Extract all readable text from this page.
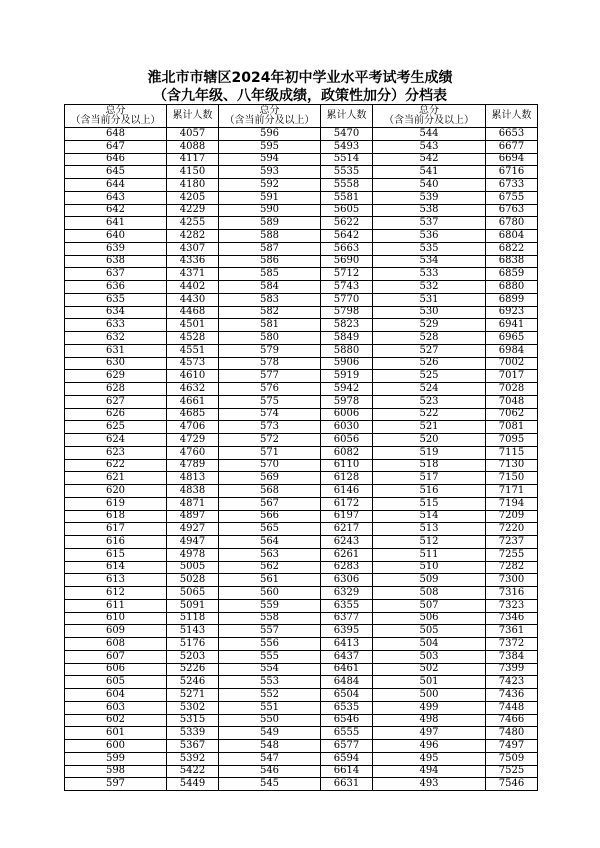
淮北市市辖区2024年初中学业水平考试考生成绩
（含九年级、八年级成绩，政策性加分）分档表
总分
（含当前分及以上）	累计人数	总分
（含当前分及以上）	累计人数	总分
（含当前分及以上）	累计人数
648	4057	596	5470	544	6653
647	4088	595	5493	543	6677
646	4117	594	5514	542	6694
645	4150	593	5535	541	6716
644	4180	592	5558	540	6733
643	4205	591	5581	539	6755
642	4229	590	5605	538	6763
641	4255	589	5622	537	6780
640	4282	588	5642	536	6804
639	4307	587	5663	535	6822
638	4336	586	5690	534	6838
637	4371	585	5712	533	6859
636	4402	584	5743	532	6880
635	4430	583	5770	531	6899
634	4468	582	5798	530	6923
633	4501	581	5823	529	6941
632	4528	580	5849	528	6965
631	4551	579	5880	527	6984
630	4573	578	5906	526	7002
629	4610	577	5919	525	7017
628	4632	576	5942	524	7028
627	4661	575	5978	523	7048
626	4685	574	6006	522	7062
625	4706	573	6030	521	7081
624	4729	572	6056	520	7095
623	4760	571	6082	519	7115
622	4789	570	6110	518	7130
621	4813	569	6128	517	7150
620	4838	568	6146	516	7171
619	4871	567	6172	515	7194
618	4897	566	6197	514	7209
617	4927	565	6217	513	7220
616	4947	564	6243	512	7237
615	4978	563	6261	511	7255
614	5005	562	6283	510	7282
613	5028	561	6306	509	7300
612	5065	560	6329	508	7316
611	5091	559	6355	507	7323
610	5118	558	6377	506	7346
609	5143	557	6395	505	7361
608	5176	556	6413	504	7372
607	5203	555	6437	503	7384
606	5226	554	6461	502	7399
605	5246	553	6484	501	7423
604	5271	552	6504	500	7436
603	5302	551	6535	499	7448
602	5315	550	6546	498	7466
601	5339	549	6555	497	7480
600	5367	548	6577	496	7497
599	5392	547	6594	495	7509
598	5422	546	6614	494	7525
597	5449	545	6631	493	7546
